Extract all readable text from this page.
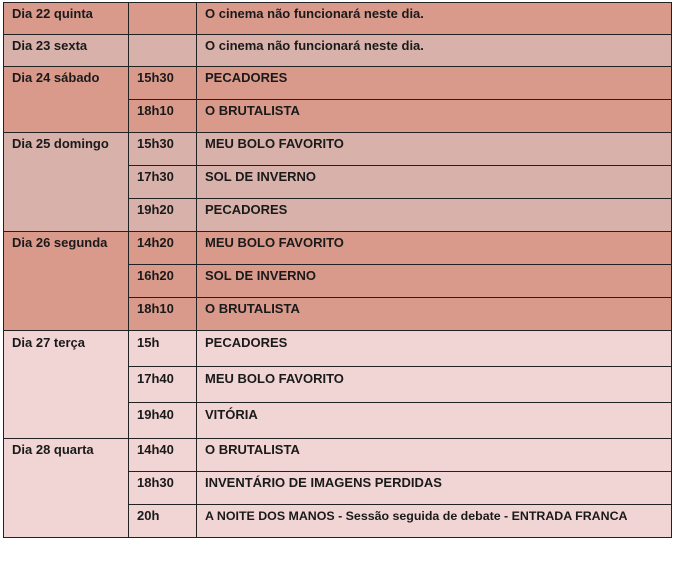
Dia 22 quinta		O cinema não funcionará neste dia.
Dia 23 sexta		O cinema não funcionará neste dia.
Dia 24 sábado	15h30	PECADORES
	18h10	O BRUTALISTA
Dia 25 domingo	15h30	MEU BOLO FAVORITO
	17h30	SOL DE INVERNO
	19h20	PECADORES
Dia 26 segunda	14h20	MEU BOLO FAVORITO
	16h20	SOL DE INVERNO
	18h10	O BRUTALISTA
Dia 27 terça	15h	PECADORES
	17h40	MEU BOLO FAVORITO
	19h40	VITÓRIA
Dia 28 quarta	14h40	O BRUTALISTA
	18h30	INVENTÁRIO DE IMAGENS PERDIDAS
	20h	A NOITE DOS MANOS - Sessão seguida de debate - ENTRADA FRANCA
